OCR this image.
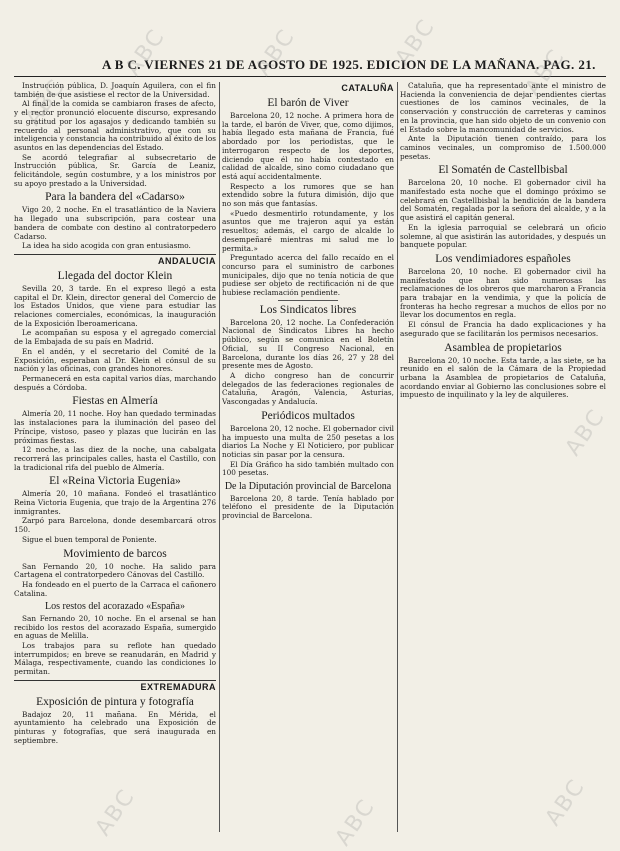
A B C. VIERNES 21 DE AGOSTO DE 1925. EDICION DE LA MAÑANA. PAG. 21.

Instrucción pública, D. Joaquín Aguilera, con el fin también de que asistiese el rector de la Universidad.

Al final de la comida se cambiaron frases de afecto, y el rector pronunció elocuente discurso, expresando su gratitud por los agasajos y dedicando también su recuerdo al personal administrativo, que con su inteligencia y constancia ha contribuido al éxito de los asuntos en las dependencias del Estado.

Se acordó telegrafiar al subsecretario de Instrucción pública, Sr. García de Leaniz, felicitándole, según costumbre, y a los ministros por su apoyo prestado a la Universidad.

Para la bandera del «Cadarso»

Vigo 20, 2 noche. En el trasatlántico de la Naviera ha llegado una subscripción, para costear una bandera de combate con destino al contratorpedero Cadarso.

La idea ha sido acogida con gran entusiasmo.

ANDALUCIA
Llegada del doctor Klein

Sevilla 20, 3 tarde. En el expreso llegó a esta capital el Dr. Klein, director general del Comercio de los Estados Unidos, que viene para estudiar las relaciones comerciales, económicas, la inauguración de la Exposición Iberoamericana.

Le acompañan su esposa y el agregado comercial de la Embajada de su país en Madrid.

En el andén, y el secretario del Comité de la Exposición, esperaban al Dr. Klein el cónsul de su nación y las oficinas, con grandes honores.

Permanecerá en esta capital varios días, marchando después a Córdoba.

Fiestas en Almería

Almería 20, 11 noche. Hoy han quedado terminadas las instalaciones para la iluminación del paseo del Príncipe, vistoso, paseo y plazas que lucirán en las próximas fiestas.

12 noche, a las diez de la noche, una cabalgata recorrerá las principales calles, hasta el Castillo, con la tradicional rifa del pueblo de Almería.

El «Reina Victoria Eugenia»

Almería 20, 10 mañana. Fondeó el trasatlántico Reina Victoria Eugenia, que trajo de la Argentina 276 inmigrantes.

Zarpó para Barcelona, donde desembarcará otros 150.

Sigue el buen temporal de Poniente.

Movimiento de barcos

San Fernando 20, 10 noche. Ha salido para Cartagena el contratorpedero Cánovas del Castillo.

Ha fondeado en el puerto de la Carraca el cañonero Catalina.

Los restos del acorazado «España»

San Fernando 20, 10 noche. En el arsenal se han recibido los restos del acorazado España, sumergido en aguas de Melilla.

Los trabajos para su reflote han quedado interrumpidos; en breve se reanudarán, en Madrid y Málaga, respectivamente, cuando las condiciones lo permitan.

EXTREMADURA
Exposición de pintura y fotografía

Badajoz 20, 11 mañana. En Mérida, el ayuntamiento ha celebrado una Exposición de pinturas y fotografías, que será inaugurada en septiembre.

CATALUÑA
El barón de Viver

Barcelona 20, 12 noche. A primera hora de la tarde, el barón de Viver, que, como dijimos, había llegado esta mañana de Francia, fué abordado por los periodistas, que le interrogaron respecto de los deportes, diciendo que él no había contestado en calidad de alcalde, sino como ciudadano que está aquí accidentalmente.

Respecto a los rumores que se han extendido sobre la futura dimisión, dijo que no son más que fantasías.

«Puedo desmentirlo rotundamente, y los asuntos que me trajeron aquí ya están resueltos; además, el cargo de alcalde lo desempeñaré mientras mi salud me lo permita.»

Preguntado acerca del fallo recaído en el concurso para el suministro de carbones municipales, dijo que no tenía noticia de que pudiese ser objeto de rectificación ni de que hubiese reclamación pendiente.

Los Sindicatos libres

Barcelona 20, 12 noche. La Confederación Nacional de Sindicatos Libres ha hecho público, según se comunica en el Boletín Oficial, su II Congreso Nacional, en Barcelona, durante los días 26, 27 y 28 del presente mes de Agosto.

A dicho congreso han de concurrir delegados de las federaciones regionales de Cataluña, Aragón, Valencia, Asturias, Vascongadas y Andalucía.

Periódicos multados

Barcelona 20, 12 noche. El gobernador civil ha impuesto una multa de 250 pesetas a los diarios La Noche y El Noticiero, por publicar noticias sin pasar por la censura.

El Día Gráfico ha sido también multado con 100 pesetas.

De la Diputación provincial de Barcelona

Barcelona 20, 8 tarde. Tenía hablado por teléfono el presidente de la Diputación provincial de Barcelona.

Cataluña, que ha representado ante el ministro de Hacienda la conveniencia de dejar pendientes ciertas cuestiones de los caminos vecinales, de la conservación y construcción de carreteras y caminos en la provincia, que han sido objeto de un convenio con el Estado sobre la mancomunidad de servicios.

Ante la Diputación tienen contraído, para los caminos vecinales, un compromiso de 1.500.000 pesetas.

El Somatén de Castellbisbal

Barcelona 20, 10 noche. El gobernador civil ha manifestado esta noche que el domingo próximo se celebrará en Castellbisbal la bendición de la bandera del Somatén, regalada por la señora del alcalde, y a la que asistirá el capitán general.

En la iglesia parroquial se celebrará un oficio solemne, al que asistirán las autoridades, y después un banquete popular.

Los vendimiadores españoles

Barcelona 20, 10 noche. El gobernador civil ha manifestado que han sido numerosas las reclamaciones de los obreros que marcharon a Francia para trabajar en la vendimia, y que la policía de fronteras ha hecho regresar a muchos de ellos por no llevar los documentos en regla.

El cónsul de Francia ha dado explicaciones y ha asegurado que se facilitarán los permisos necesarios.

Asamblea de propietarios

Barcelona 20, 10 noche. Esta tarde, a las siete, se ha reunido en el salón de la Cámara de la Propiedad urbana la Asamblea de propietarios de Cataluña, acordando enviar al Gobierno las conclusiones sobre el impuesto de inquilinato y la ley de alquileres.

ABC
ABC	ABC	ABC
ABC
ABC
ABC	ABC	ABC
